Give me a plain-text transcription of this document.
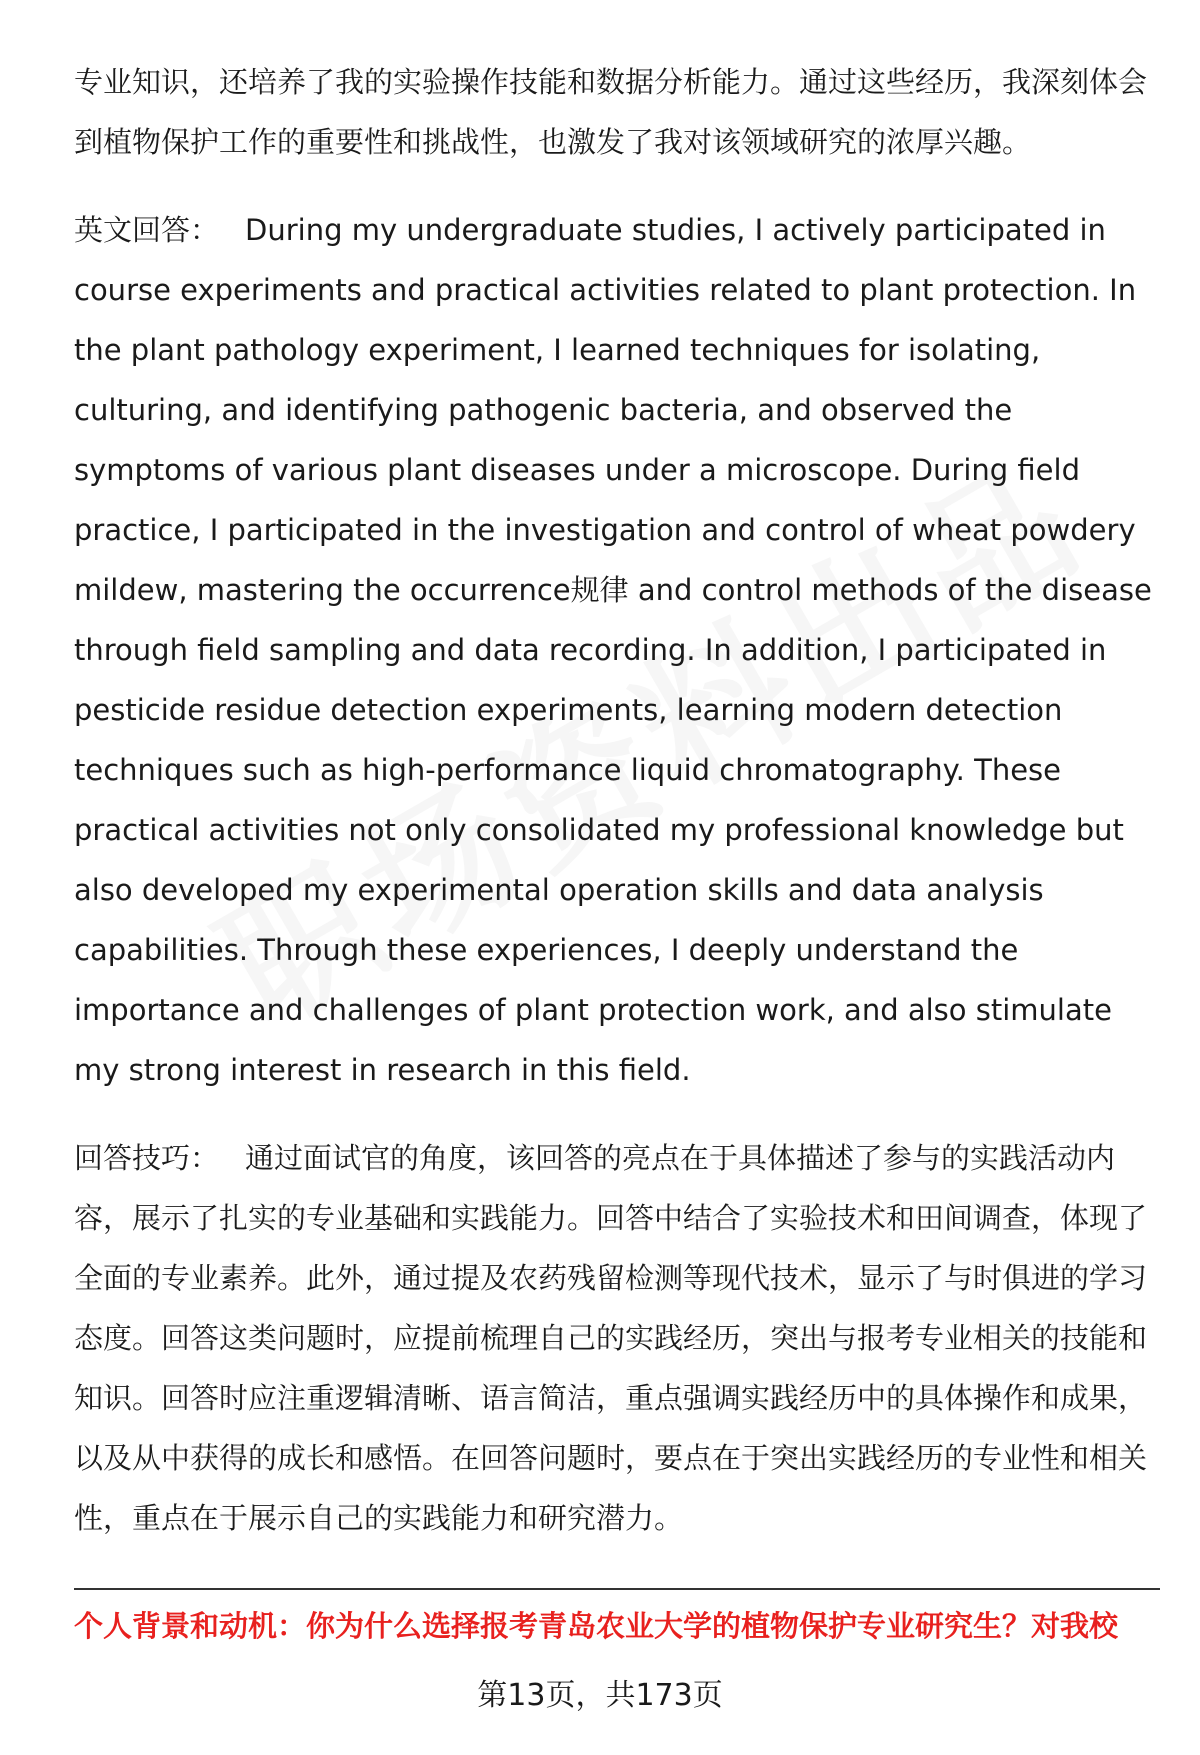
专业知识，还培养了我的实验操作技能和数据分析能力。通过这些经历，我深刻体会到植物保护工作的重要性和挑战性，也激发了我对该领域研究的浓厚兴趣。

英文回答： During my undergraduate studies, I actively participated in course experiments and practical activities related to plant protection. In the plant pathology experiment, I learned techniques for isolating, culturing, and identifying pathogenic bacteria, and observed the symptoms of various plant diseases under a microscope. During field practice, I participated in the investigation and control of wheat powdery mildew, mastering the occurrence规律 and control methods of the disease through field sampling and data recording. In addition, I participated in pesticide residue detection experiments, learning modern detection techniques such as high-performance liquid chromatography. These practical activities not only consolidated my professional knowledge but also developed my experimental operation skills and data analysis capabilities. Through these experiences, I deeply understand the importance and challenges of plant protection work, and also stimulate my strong interest in research in this field.

回答技巧： 通过面试官的角度，该回答的亮点在于具体描述了参与的实践活动内容，展示了扎实的专业基础和实践能力。回答中结合了实验技术和田间调查，体现了全面的专业素养。此外，通过提及农药残留检测等现代技术，显示了与时俱进的学习态度。回答这类问题时，应提前梳理自己的实践经历，突出与报考专业相关的技能和知识。回答时应注重逻辑清晰、语言简洁，重点强调实践经历中的具体操作和成果，以及从中获得的成长和感悟。在回答问题时，要点在于突出实践经历的专业性和相关性，重点在于展示自己的实践能力和研究潜力。

个人背景和动机：你为什么选择报考青岛农业大学的植物保护专业研究生？对我校
第13页，共173页
